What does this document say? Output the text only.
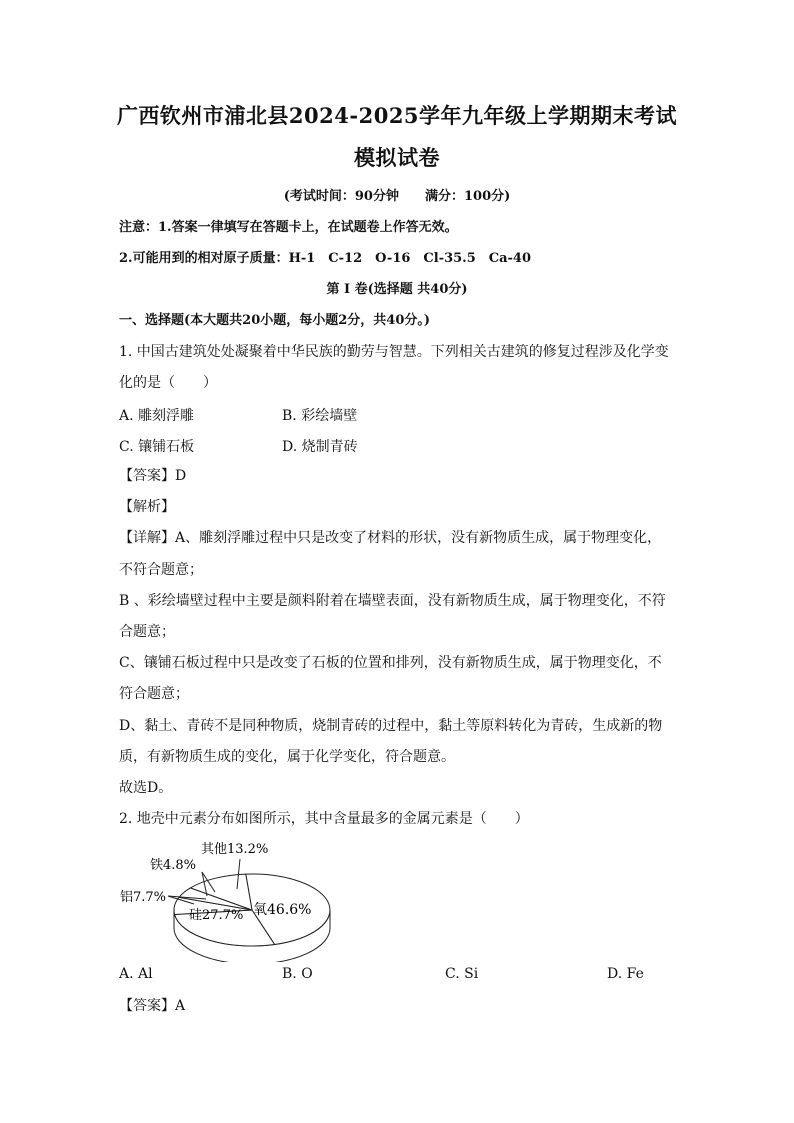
广西钦州市浦北县2024-2025学年九年级上学期期末考试
模拟试卷
(考试时间：90分钟　　满分：100分)
注意：1.答案一律填写在答题卡上，在试题卷上作答无效。
2.可能用到的相对原子质量：H-1　C-12　O-16　Cl-35.5　Ca-40
第 I 卷(选择题 共40分)
一、选择题(本大题共20小题，每小题2分，共40分。)
1. 中国古建筑处处凝聚着中华民族的勤劳与智慧。下列相关古建筑的修复过程涉及化学变
化的是（　　）
A. 雕刻浮雕	B. 彩绘墙壁
C. 镶铺石板	D. 烧制青砖
【答案】D
【解析】
【详解】A、雕刻浮雕过程中只是改变了材料的形状，没有新物质生成，属于物理变化，
不符合题意；
B 、彩绘墙壁过程中主要是颜料附着在墙壁表面，没有新物质生成，属于物理变化，不符
合题意；
C、镶铺石板过程中只是改变了石板的位置和排列，没有新物质生成，属于物理变化，不
符合题意；
D、黏土、青砖不是同种物质，烧制青砖的过程中，黏土等原料转化为青砖，生成新的物
质，有新物质生成的变化，属于化学变化，符合题意。
故选D。
2. 地壳中元素分布如图所示，其中含量最多的金属元素是（　　）
其他13.2%
铁4.8%
铝7.7%
硅27.7% 氧46.6%
A. Al	B. O	C. Si	D. Fe
【答案】A
